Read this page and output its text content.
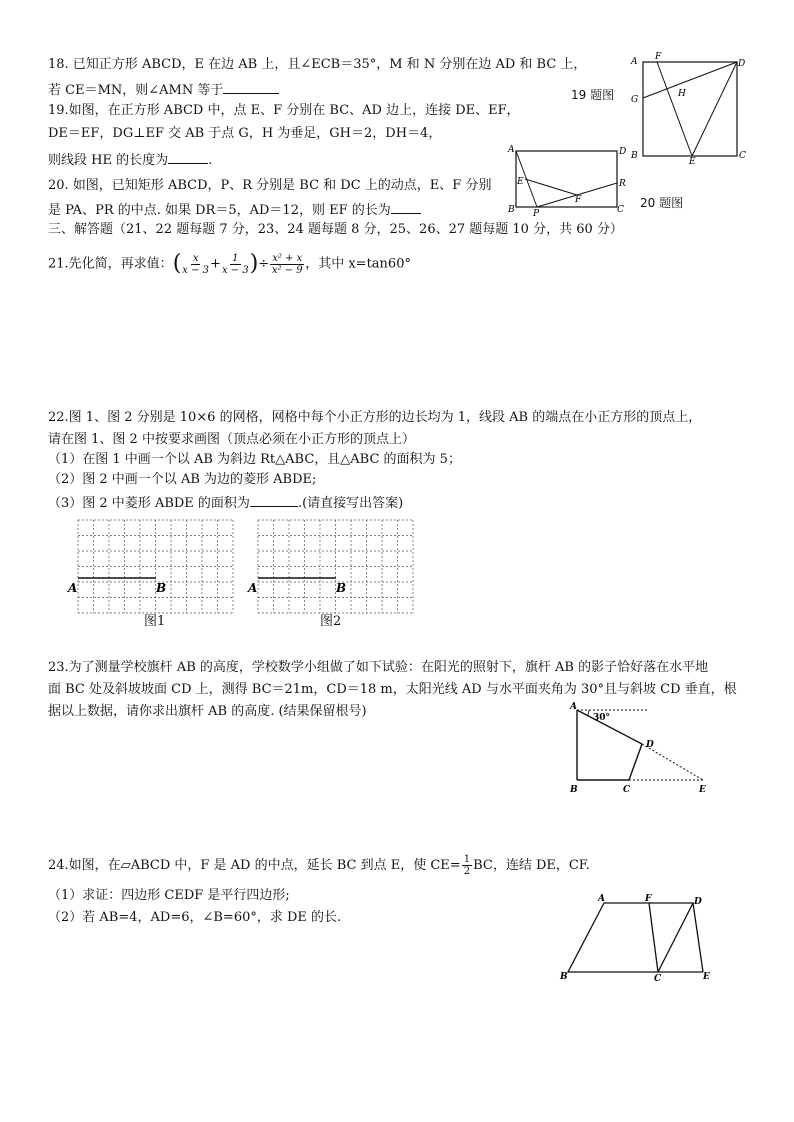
18. 已知正方形 ABCD，E 在边 AB 上，且∠ECB＝35°，M 和 N 分别在边 AD 和 BC 上，
若 CE＝MN，则∠AMN 等于
19.如图，在正方形 ABCD 中，点 E、F 分别在 BC、AD 边上，连接 DE、EF，
DE＝EF，DG⊥EF 交 AB 于点 G，H 为垂足，GH＝2，DH＝4，
则线段 HE 的长度为	.
20. 如图，已知矩形 ABCD，P、R 分别是 BC 和 DC 上的动点，E、F 分别
是 PA、PR 的中点. 如果 DR＝5，AD＝12，则 EF 的长为
三、解答题（21、22 题每题 7 分，23、24 题每题 8 分，25、26、27 题每题 10 分，共 60 分）
21.先化简，再求值：( $\frac{x}{x - 3} + \frac{1}{x - 3}$ )÷ $\frac{\text{x² + x}}{\text{x² − 9}}$ ，其中 x=tan60°
22.图 1、图 2 分别是 10×6 的网格，网格中每个小正方形的边长均为 1，线段 AB 的端点在小正方形的顶点上，
请在图 1、图 2 中按要求画图（顶点必须在小正方形的顶点上）
（1）在图 1 中画一个以 AB 为斜边 Rt△ABC，且△ABC 的面积为 5；
（2）图 2 中画一个以 AB 为边的菱形 ABDE;
（3）图 2 中菱形 ABDE 的面积为	.(请直接写出答案)
A	B
图1
A	B
图2
23.为了测量学校旗杆 AB 的高度，学校数学小组做了如下试验：在阳光的照射下，旗杆 AB 的影子恰好落在水平地
面 BC 处及斜坡坡面 CD 上，测得 BC＝21m，CD＝18 m，太阳光线 AD 与水平面夹角为 30°且与斜坡 CD 垂直，根
据以上数据，请你求出旗杆 AB 的高度. (结果保留根号)
24.如图，在▱ABCD 中，F 是 AD 的中点，延长 BC 到点 E，使 $CE= \frac{1}{2}$ BC，连结 DE，CF.
（1）求证：四边形 CEDF 是平行四边形;
（2）若 AB=4，AD=6，∠B=60°，求 DE 的长.
A	D
F
G
H
B	C
E
19 题图
A	D
E	R
F
B P	C 20 题图
30°
A
D
B	C	E
A	F	D
B	C	E
